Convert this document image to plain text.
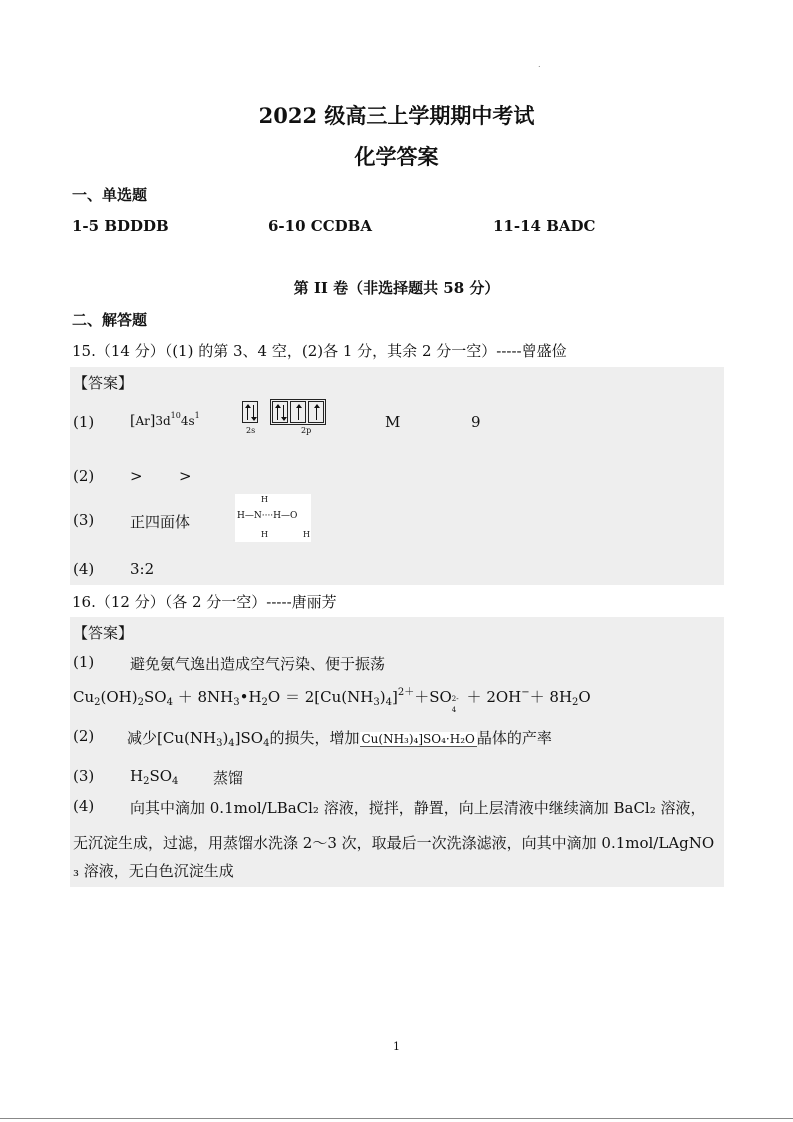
.
2022 级高三上学期期中考试
化学答案
一、单选题
1-5 BDDDB	6-10 CCDBA	11-14 BADC
第 II 卷（非选择题共 58 分）
二、解答题
15.（14 分）（(1) 的第 3、4 空，(2)各 1 分，其余 2 分一空）-----曾盛俭
【答案】
(1)	$[Ar]3d^{10}4s^1$
2s	2p	M	9
(2) > >
(3) 正四面体
H
H—N····H—O
H	H
(4) 3:2
16.（12 分）（各 2 分一空）-----唐丽芳
【答案】
(1) 避免氨气逸出造成空气污染、便于振荡
$Cu_2(OH)_2SO_4$ ＋ $8NH_3•H_2O = 2[Cu(NH_3)_4]^{2+}+SO$ 2-
4
＋ $2OH^-+ 8H_2O$
(2) 减少$[Cu(NH_3)_4]SO_4$的损失，增加 Cu(NH₃)₄]SO₄·H₂O 晶体的产率
(3) $H_2SO_4$ 蒸馏
(4) 向其中滴加 0.1mol/LBaCl₂ 溶液，搅拌，静置，向上层清液中继续滴加 BaCl₂ 溶液，
无沉淀生成，过滤，用蒸馏水洗涤 2～3 次，取最后一次洗涤滤液，向其中滴加 0.1mol/LAgNO
₃ 溶液，无白色沉淀生成
1
